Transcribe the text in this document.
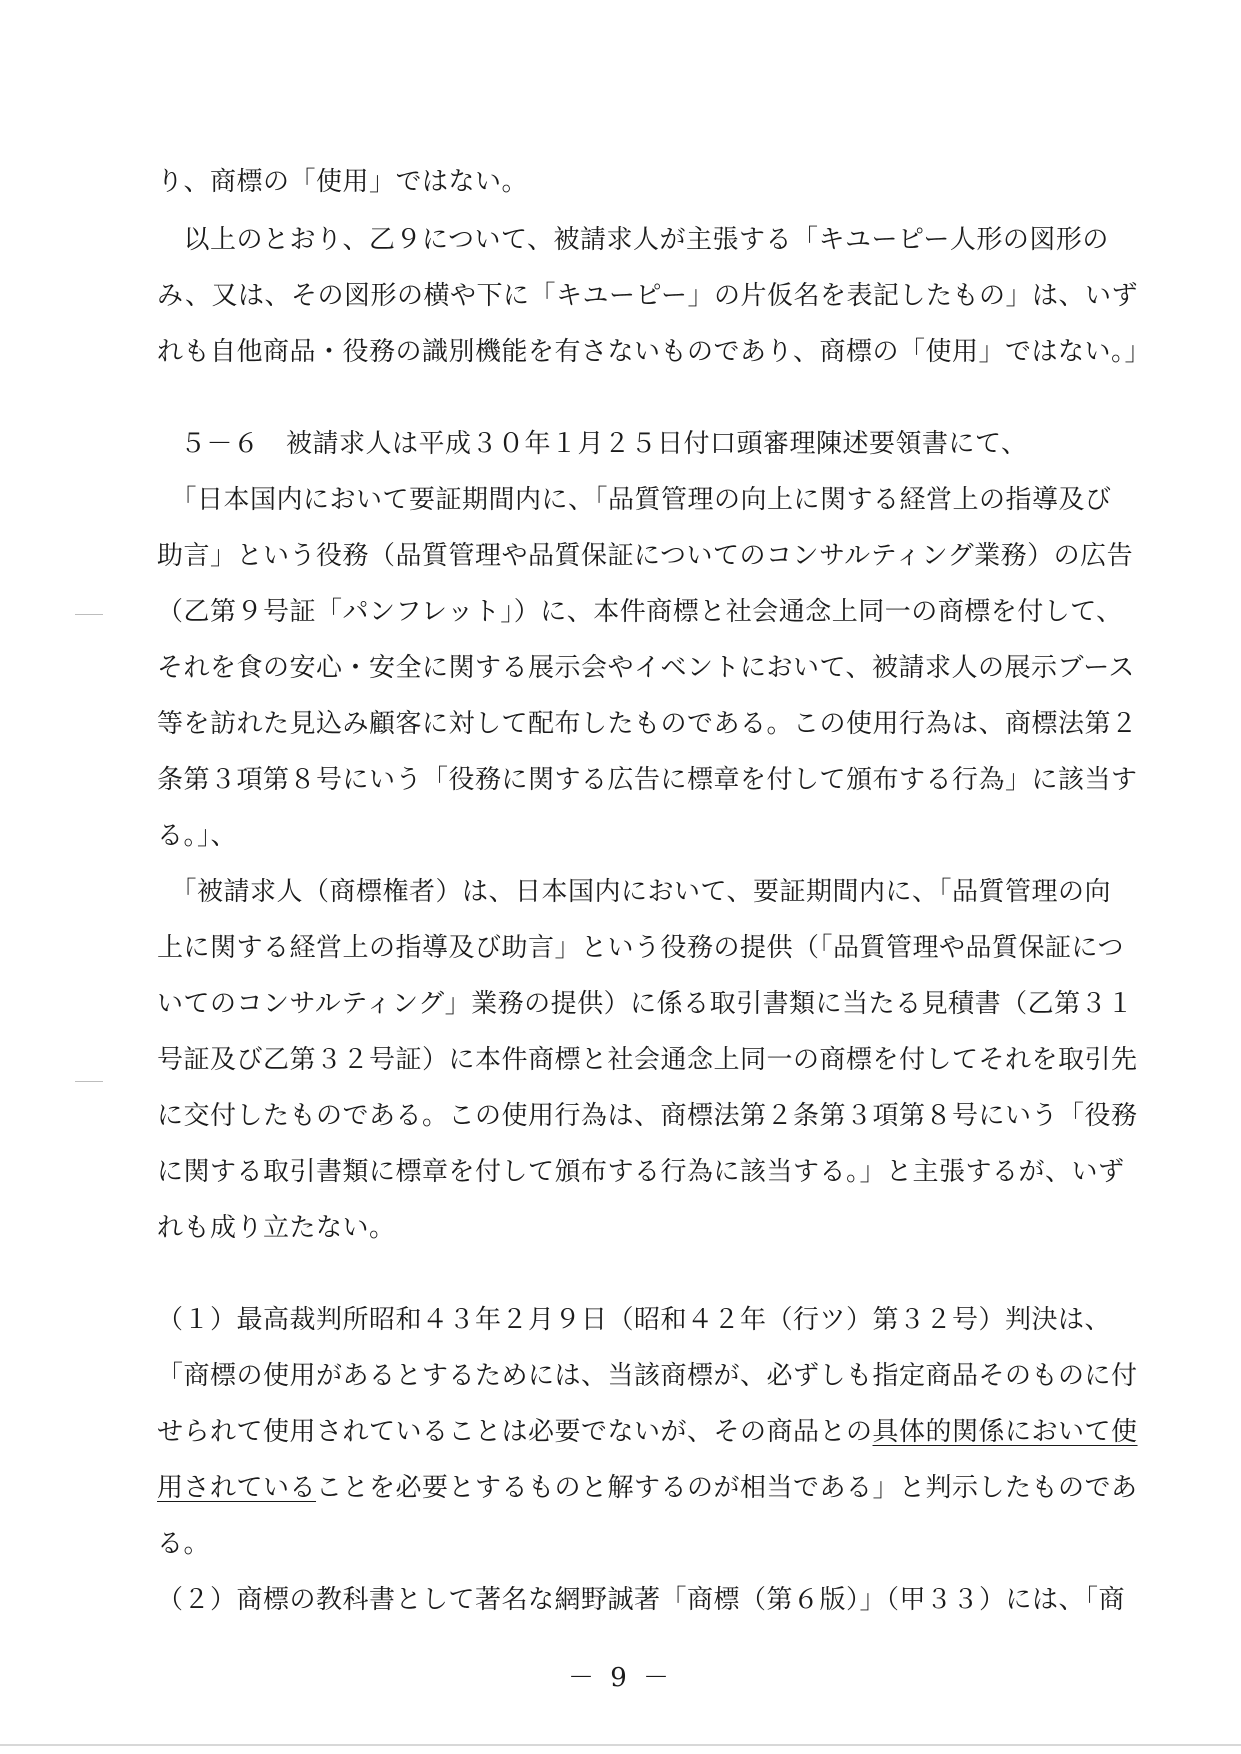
り、商標の「使用」ではない。
　以上のとおり、乙９について、被請求人が主張する「キユーピー人形の図形の
み、又は、その図形の横や下に「キユーピー」の片仮名を表記したもの」は、いず
れも自他商品・役務の識別機能を有さないものであり、商標の「使用」ではない。」
５－６　被請求人は平成３０年１月２５日付口頭審理陳述要領書にて、
　「日本国内において要証期間内に、「品質管理の向上に関する経営上の指導及び
助言」という役務（品質管理や品質保証についてのコンサルティング業務）の広告
（乙第９号証「パンフレット」）に、本件商標と社会通念上同一の商標を付して、
それを食の安心・安全に関する展示会やイベントにおいて、被請求人の展示ブース
等を訪れた見込み顧客に対して配布したものである。この使用行為は、商標法第２
条第３項第８号にいう「役務に関する広告に標章を付して頒布する行為」に該当す
る。」、
　「被請求人（商標権者）は、日本国内において、要証期間内に、「品質管理の向
上に関する経営上の指導及び助言」という役務の提供（「品質管理や品質保証につ
いてのコンサルティング」業務の提供）に係る取引書類に当たる見積書（乙第３１
号証及び乙第３２号証）に本件商標と社会通念上同一の商標を付してそれを取引先
に交付したものである。この使用行為は、商標法第２条第３項第８号にいう「役務
に関する取引書類に標章を付して頒布する行為に該当する。」と主張するが、いず
れも成り立たない。
（１）最高裁判所昭和４３年２月９日（昭和４２年（行ツ）第３２号）判決は、
「商標の使用があるとするためには、当該商標が、必ずしも指定商品そのものに付
せられて使用されていることは必要でないが、その商品との具体的関係において使
用されていることを必要とするものと解するのが相当である」と判示したものであ
る。
（２）商標の教科書として著名な網野誠著「商標（第６版）」（甲３３）には、「商
－ 9 －
